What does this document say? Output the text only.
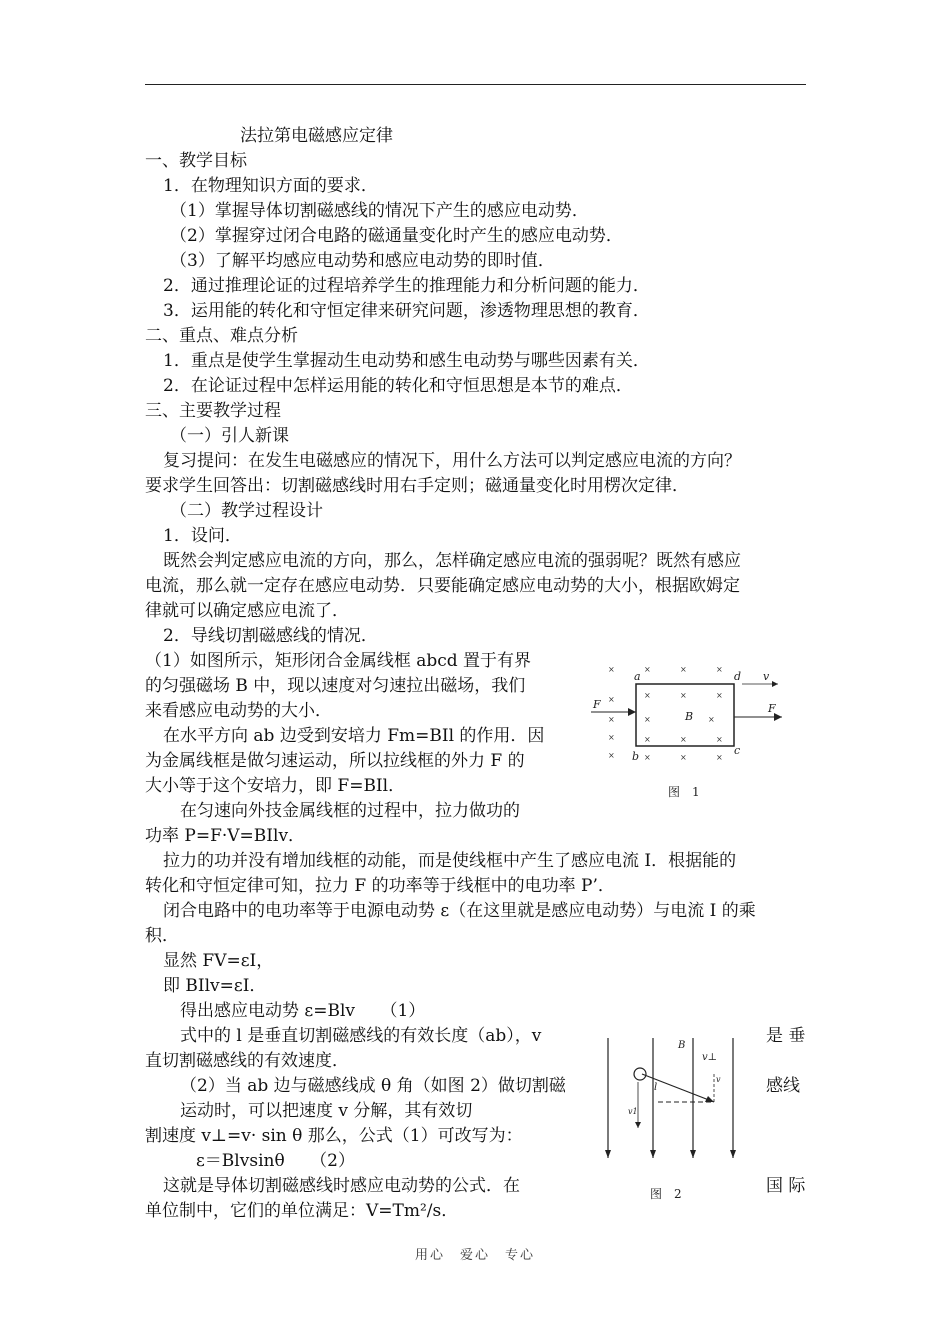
法拉第电磁感应定律
一、教学目标
1．在物理知识方面的要求．
（1）掌握导体切割磁感线的情况下产生的感应电动势．
（2）掌握穿过闭合电路的磁通量变化时产生的感应电动势．
（3）了解平均感应电动势和感应电动势的即时值．
2．通过推理论证的过程培养学生的推理能力和分析问题的能力．
3．运用能的转化和守恒定律来研究问题，渗透物理思想的教育．
二、重点、难点分析
1．重点是使学生掌握动生电动势和感生电动势与哪些因素有关．
2．在论证过程中怎样运用能的转化和守恒思想是本节的难点．
三、主要教学过程
（一）引人新课
复习提问：在发生电磁感应的情况下，用什么方法可以判定感应电流的方向？
要求学生回答出：切割磁感线时用右手定则；磁通量变化时用楞次定律．
（二）教学过程设计
1．设问．
既然会判定感应电流的方向，那么，怎样确定感应电流的强弱呢？既然有感应
电流，那么就一定存在感应电动势．只要能确定感应电动势的大小，根据欧姆定
律就可以确定感应电流了．
2．导线切割磁感线的情况．
（1）如图所示，矩形闭合金属线框 abcd 置于有界
的匀强磁场 B 中，现以速度对匀速拉出磁场，我们
来看感应电动势的大小．
在水平方向 ab 边受到安培力 Fm=BIl 的作用．因
为金属线框是做匀速运动，所以拉线框的外力 F 的
大小等于这个安培力，即 F=BIl．
在匀速向外技金属线框的过程中，拉力做功的
功率 P=F·V=BIlv．
拉力的功并没有增加线框的动能，而是使线框中产生了感应电流 I．根据能的
转化和守恒定律可知，拉力 F 的功率等于线框中的电功率 P’．
闭合电路中的电功率等于电源电动势 ε（在这里就是感应电动势）与电流 I 的乘
积．
显然 FV=εI，
即 BIlv=εI．
得出感应电动势 ε=Blv　　（1）
式中的 l 是垂直切割磁感线的有效长度（ab），v	是 垂
直切割磁感线的有效速度．
（2）当 ab 边与磁感线成 θ 角（如图 2）做切割磁	感线
运动时，可以把速度 v 分解，其有效切
割速度 v⊥=v· sin θ 那么，公式（1）可改写为：
ε＝Blvsinθ　　（2）
这就是导体切割磁感线时感应电动势的公式．在	国 际
单位制中，它们的单位满足：V=Tm²/s．
×	×	×	×
×	×	×	×
×	×	×
×	×	×	×
×	×	×	×
a
b	c
d
B
F	F
v
图　1
B
v⊥
v
l
v1
图　2
用心　爱心　专心
